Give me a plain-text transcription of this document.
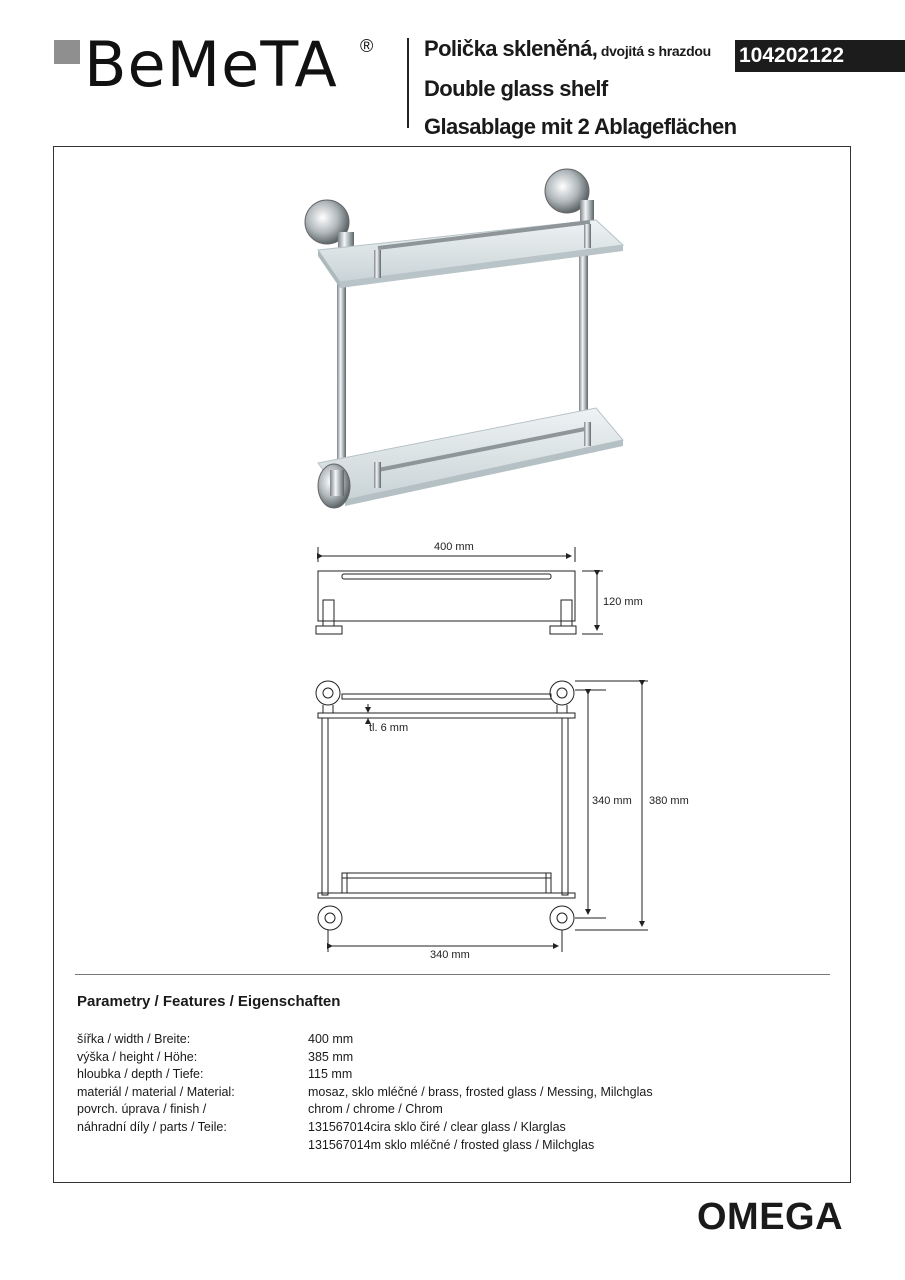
BeMeTA ® Polička skleněná, dvojitá s hrazdou
Double glass shelf
Glasablage mit 2 Ablageflächen
104202122
400 mm
120 mm
tl. 6 mm
340 mm 380 mm
340 mm
Parametry / Features / Eigenschaften
šířka / width / Breite:	400 mm
výška / height / Höhe:	385 mm
hloubka / depth / Tiefe:	115 mm
materiál / material / Material:	mosaz, sklo mléčné / brass, frosted glass / Messing, Milchglas
povrch. úprava / finish /	chrom / chrome / Chrom
náhradní díly / parts / Teile:	131567014cira sklo čiré / clear glass / Klarglas
131567014m sklo mléčné / frosted glass / Milchglas
OMEGA
